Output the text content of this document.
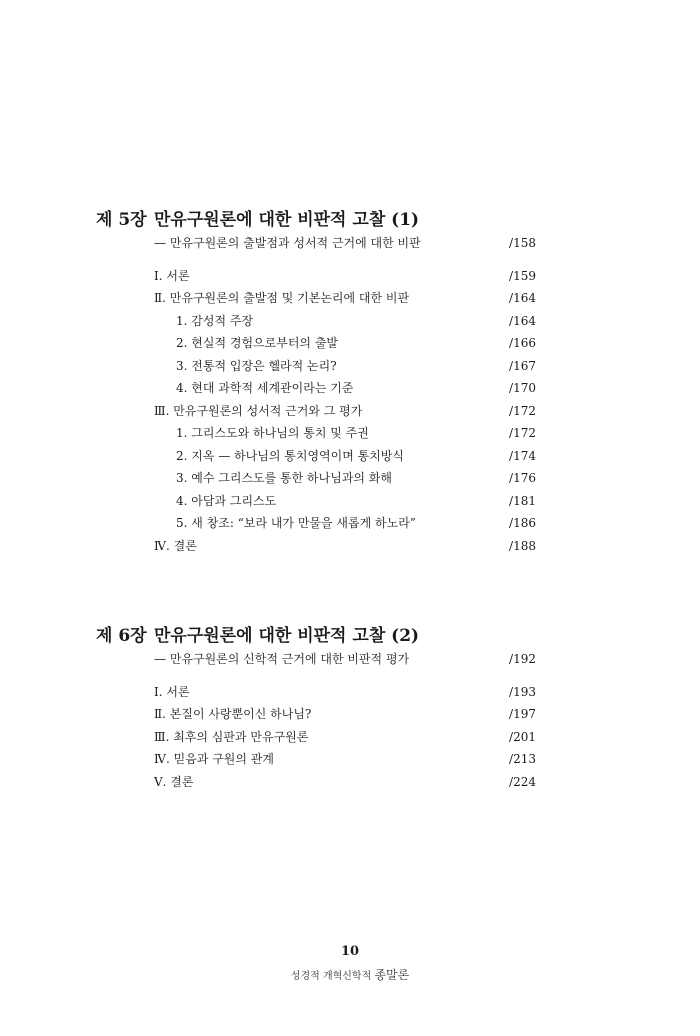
제 5장 만유구원론에 대한 비판적 고찰 (1)
— 만유구원론의 출발점과 성서적 근거에 대한 비판	/158
Ⅰ. 서론	/159
Ⅱ. 만유구원론의 출발점 및 기본논리에 대한 비판	/164
1. 감성적 주장	/164
2. 현실적 경험으로부터의 출발	/166
3. 전통적 입장은 헬라적 논리?	/167
4. 현대 과학적 세계관이라는 기준	/170
Ⅲ. 만유구원론의 성서적 근거와 그 평가	/172
1. 그리스도와 하나님의 통치 및 주권	/172
2. 지옥 — 하나님의 통치영역이며 통치방식	/174
3. 예수 그리스도를 통한 하나님과의 화해	/176
4. 아담과 그리스도	/181
5. 새 창조: “보라 내가 만물을 새롭게 하노라”	/186
Ⅳ. 결론	/188
제 6장 만유구원론에 대한 비판적 고찰 (2)
— 만유구원론의 신학적 근거에 대한 비판적 평가	/192
Ⅰ. 서론	/193
Ⅱ. 본질이 사랑뿐이신 하나님?	/197
Ⅲ. 최후의 심판과 만유구원론	/201
Ⅳ. 믿음과 구원의 관계	/213
Ⅴ. 결론	/224
10
성경적 개혁신학적 종말론
